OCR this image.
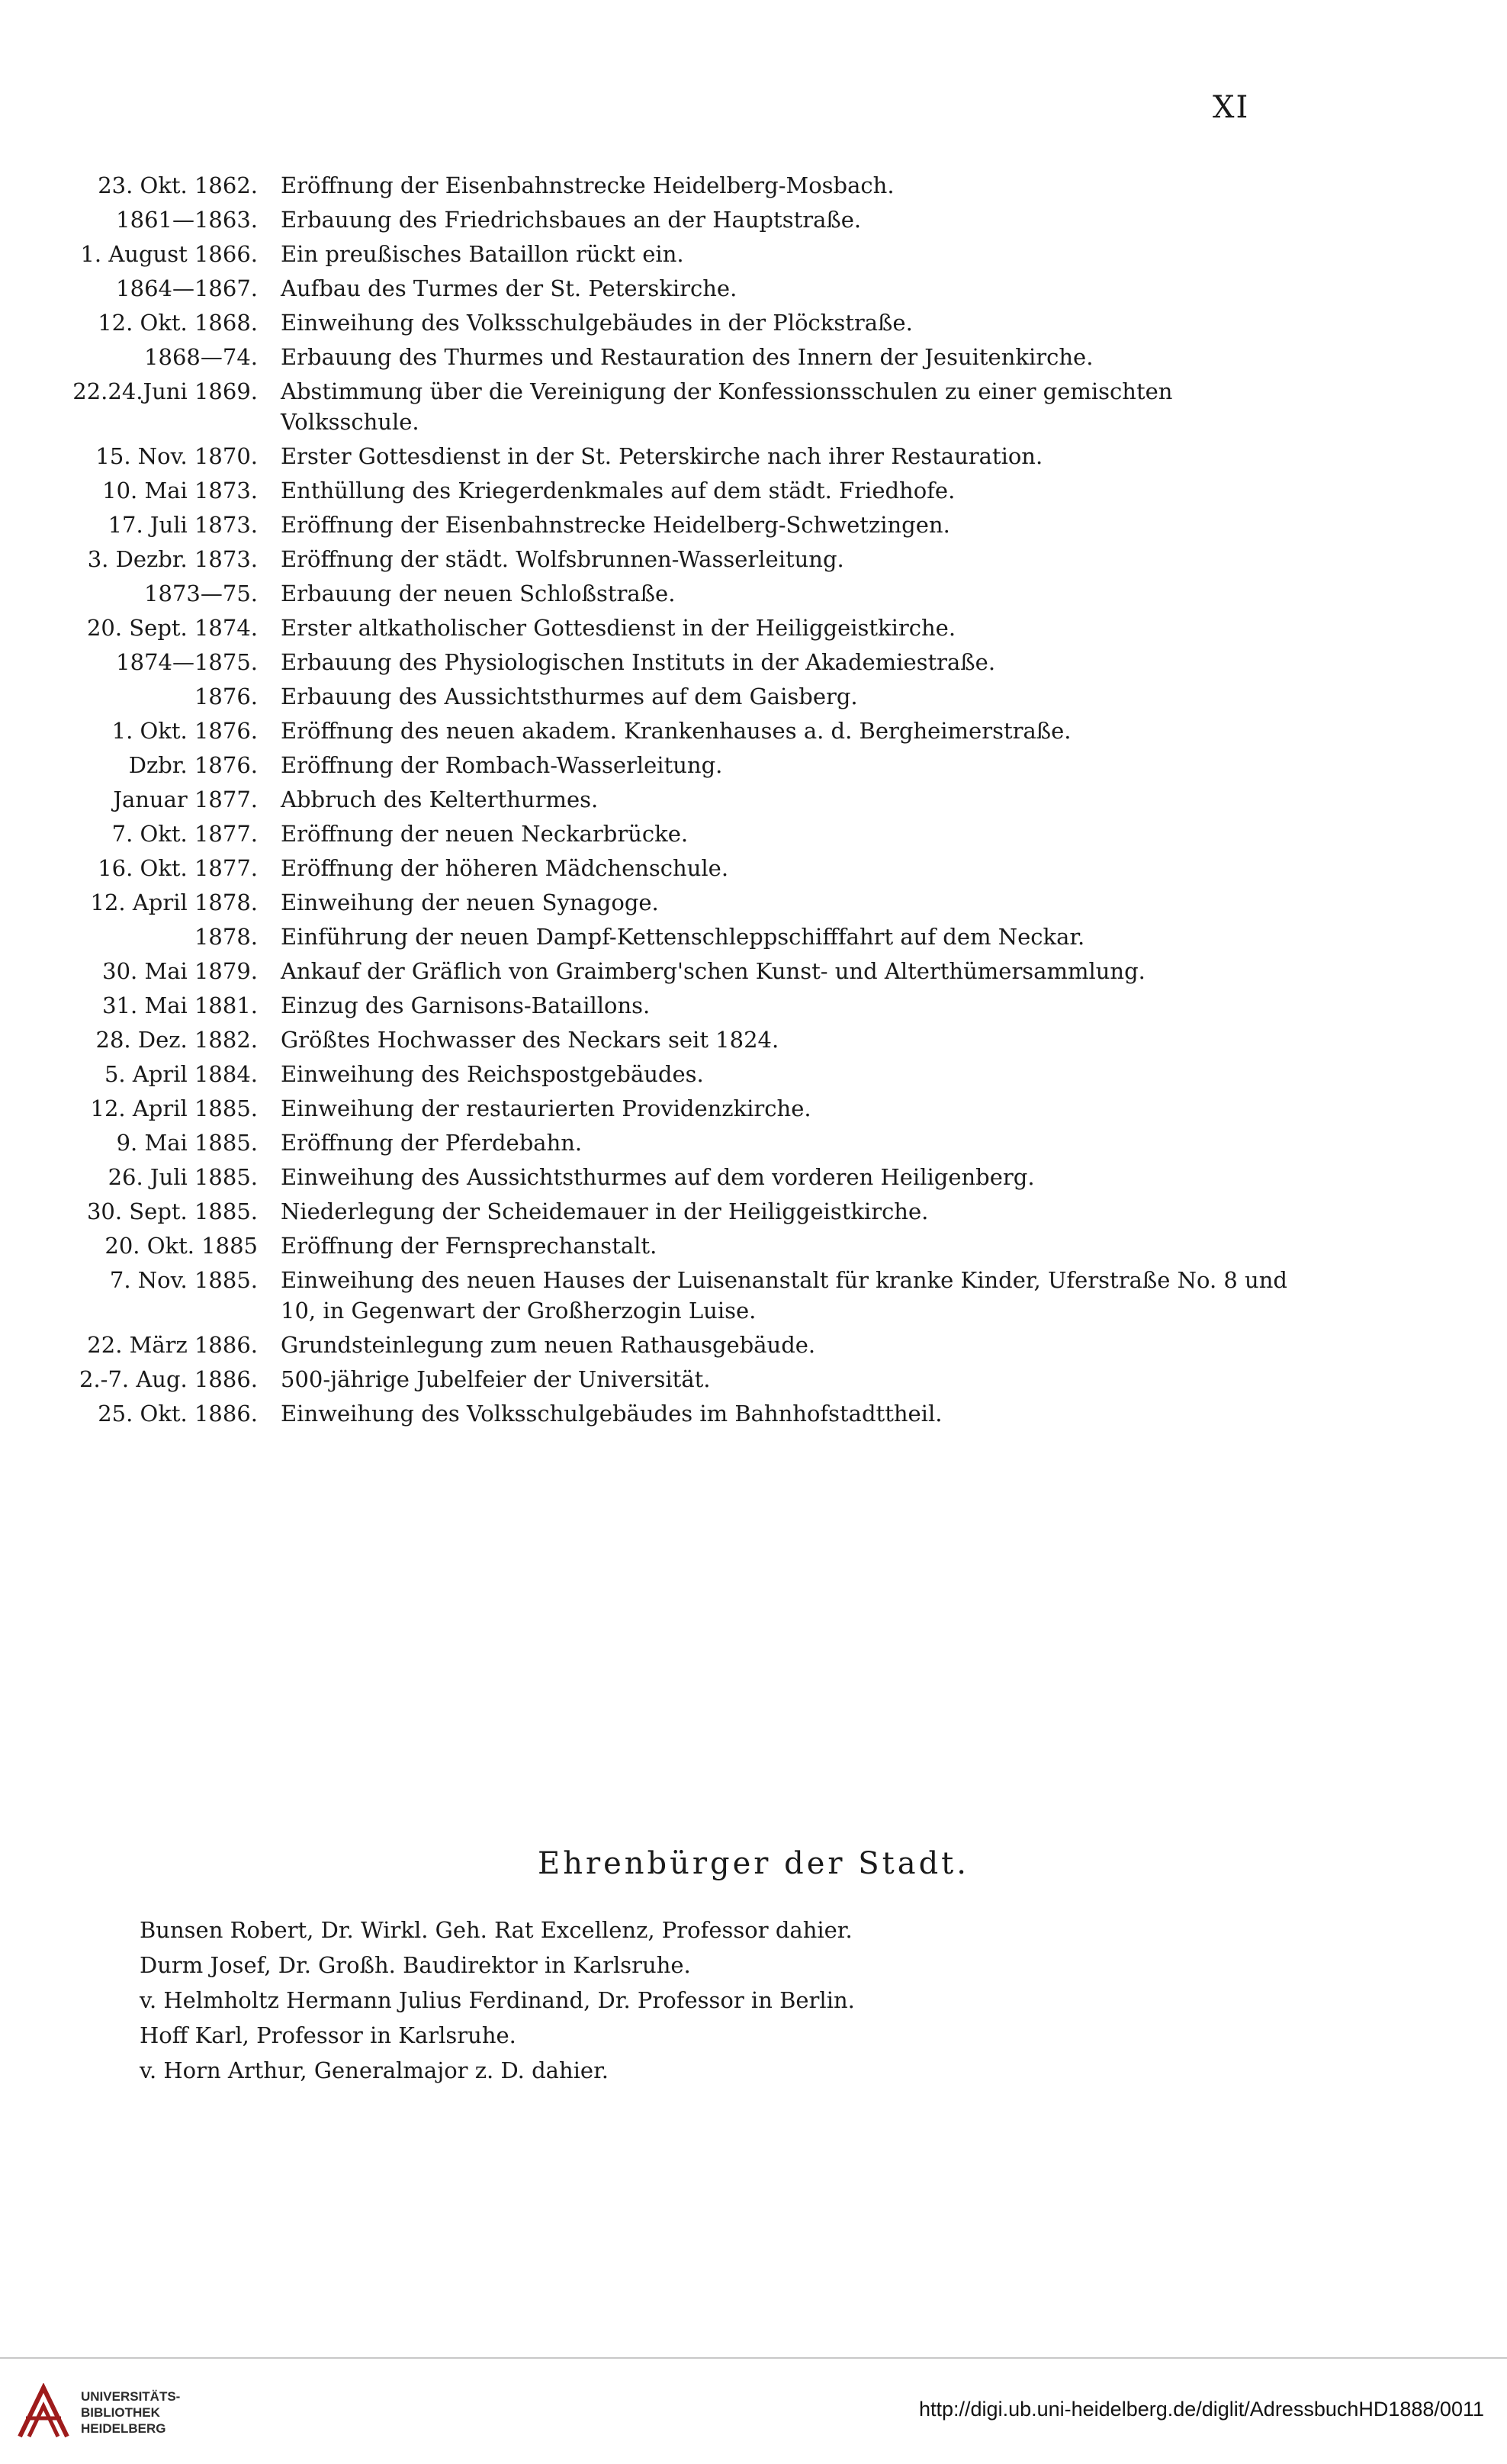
XI
23. Okt. 1862. Eröffnung der Eisenbahnstrecke Heidelberg-Mosbach.
1861—1863. Erbauung des Friedrichsbaues an der Hauptstraße.
1. August 1866. Ein preußisches Bataillon rückt ein.
1864—1867. Aufbau des Turmes der St. Peterskirche.
12. Okt. 1868. Einweihung des Volksschulgebäudes in der Plöckstraße.
1868—74. Erbauung des Thurmes und Restauration des Innern der Jesuitenkirche.
22.24.Juni 1869. Abstimmung über die Vereinigung der Konfessionsschulen zu einer gemischten Volksschule.
15. Nov. 1870. Erster Gottesdienst in der St. Peterskirche nach ihrer Restauration.
10. Mai 1873. Enthüllung des Kriegerdenkmales auf dem städt. Friedhofe.
17. Juli 1873. Eröffnung der Eisenbahnstrecke Heidelberg-Schwetzingen.
3. Dezbr. 1873. Eröffnung der städt. Wolfsbrunnen-Wasserleitung.
1873—75. Erbauung der neuen Schloßstraße.
20. Sept. 1874. Erster altkatholischer Gottesdienst in der Heiliggeistkirche.
1874—1875. Erbauung des Physiologischen Instituts in der Akademiestraße.
1876. Erbauung des Aussichtsthurmes auf dem Gaisberg.
1. Okt. 1876. Eröffnung des neuen akadem. Krankenhauses a. d. Bergheimerstraße.
Dzbr. 1876. Eröffnung der Rombach-Wasserleitung.
Januar 1877. Abbruch des Kelterthurmes.
7. Okt. 1877. Eröffnung der neuen Neckarbrücke.
16. Okt. 1877. Eröffnung der höheren Mädchenschule.
12. April 1878. Einweihung der neuen Synagoge.
1878. Einführung der neuen Dampf-Kettenschleppschifffahrt auf dem Neckar.
30. Mai 1879. Ankauf der Gräflich von Graimberg'schen Kunst- und Alterthümersammlung.
31. Mai 1881. Einzug des Garnisons-Bataillons.
28. Dez. 1882. Größtes Hochwasser des Neckars seit 1824.
5. April 1884. Einweihung des Reichspostgebäudes.
12. April 1885. Einweihung der restaurierten Providenzkirche.
9. Mai 1885. Eröffnung der Pferdebahn.
26. Juli 1885. Einweihung des Aussichtsthurmes auf dem vorderen Heiligenberg.
30. Sept. 1885. Niederlegung der Scheidemauer in der Heiliggeistkirche.
20. Okt. 1885 Eröffnung der Fernsprechanstalt.
7. Nov. 1885. Einweihung des neuen Hauses der Luisenanstalt für kranke Kinder, Uferstraße No. 8 und 10, in Gegenwart der Großherzogin Luise.
22. März 1886. Grundsteinlegung zum neuen Rathausgebäude.
2.-7. Aug. 1886. 500-jährige Jubelfeier der Universität.
25. Okt. 1886. Einweihung des Volksschulgebäudes im Bahnhofstadttheil.
Ehrenbürger der Stadt.
Bunsen Robert, Dr. Wirkl. Geh. Rat Excellenz, Professor dahier.
Durm Josef, Dr. Großh. Baudirektor in Karlsruhe.
v. Helmholtz Hermann Julius Ferdinand, Dr. Professor in Berlin.
Hoff Karl, Professor in Karlsruhe.
v. Horn Arthur, Generalmajor z. D. dahier.
UNIVERSITÄTS-
BIBLIOTHEK
HEIDELBERG
http://digi.ub.uni-heidelberg.de/diglit/AdressbuchHD1888/0011
